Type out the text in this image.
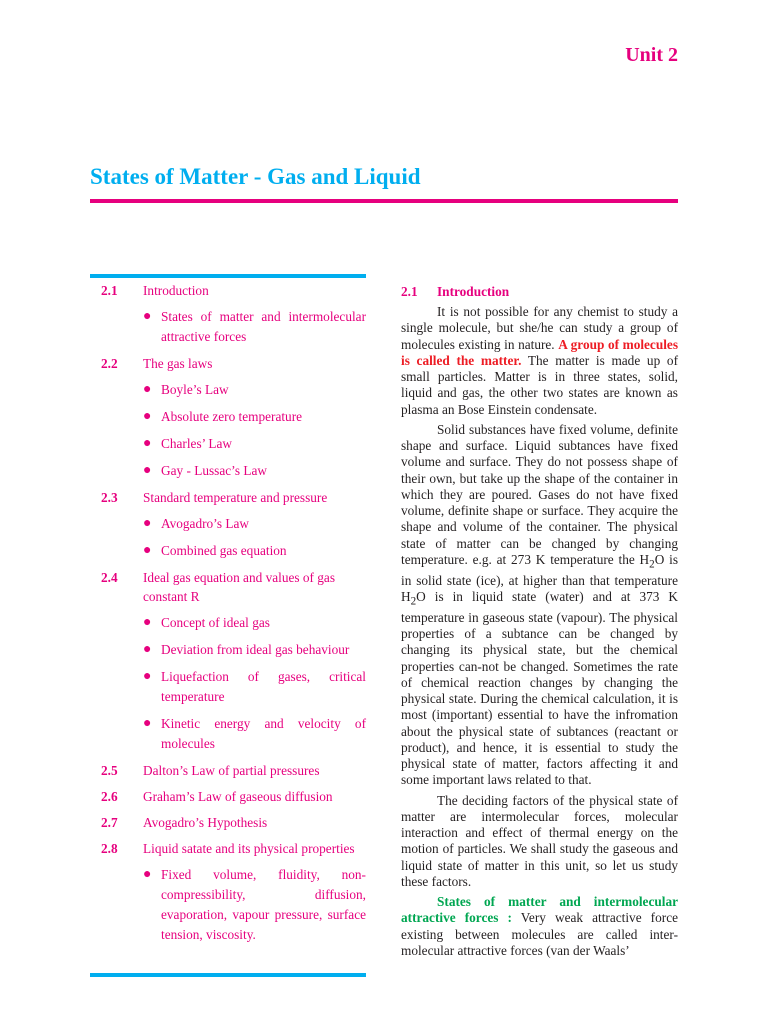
Unit 2
States of Matter - Gas and Liquid
2.1	Introduction
● States of matter and intermolecular attractive forces
2.2	The gas laws
● Boyle’s Law
● Absolute zero temperature
● Charles’ Law
● Gay - Lussac’s Law
2.3	Standard temperature and pressure
● Avogadro’s Law
● Combined gas equation
2.4	Ideal gas equation and values of gas constant R
● Concept of ideal gas
● Deviation from ideal gas behaviour
● Liquefaction of gases, critical temperature
● Kinetic energy and velocity of molecules
2.5	Dalton’s Law of partial pressures
2.6	Graham’s Law of gaseous diffusion
2.7	Avogadro’s Hypothesis
2.8	Liquid satate and its physical properties
● Fixed volume, fluidity, non-compressibility, diffusion, evaporation, vapour pressure, surface tension, viscosity.
2.1 Introduction

It is not possible for any chemist to study a single molecule, but she/he can study a group of molecules existing in nature. A group of molecules is called the matter. The matter is made up of small particles. Matter is in three states, solid, liquid and gas, the other two states are known as plasma an Bose Einstein condensate.

Solid substances have fixed volume, definite shape and surface. Liquid subtances have fixed volume and surface. They do not possess shape of their own, but take up the shape of the container in which they are poured. Gases do not have fixed volume, definite shape or surface. They acquire the shape and volume of the container. The physical state of matter can be changed by changing temperature. e.g. at 273 K temperature the $H_2O$ is in solid state (ice), at higher than that temperature $H_2O$ is in liquid state (water) and at 373 K temperature in gaseous state (vapour). The physical properties of a subtance can be changed by changing its physical state, but the chemical properties can-not be changed. Sometimes the rate of chemical reaction changes by changing the physical state. During the chemical calculation, it is most (important) essential to have the infromation about the physical state of subtances (reactant or product), and hence, it is essential to study the physical state of matter, factors affecting it and some important laws related to that.

The deciding factors of the physical state of matter are intermolecular forces, molecular interaction and effect of thermal energy on the motion of particles. We shall study the gaseous and liquid state of matter in this unit, so let us study these factors.

States of matter and intermolecular attractive forces : Very weak attractive force existing between molecules are called inter-molecular attractive forces (van der Waals’
